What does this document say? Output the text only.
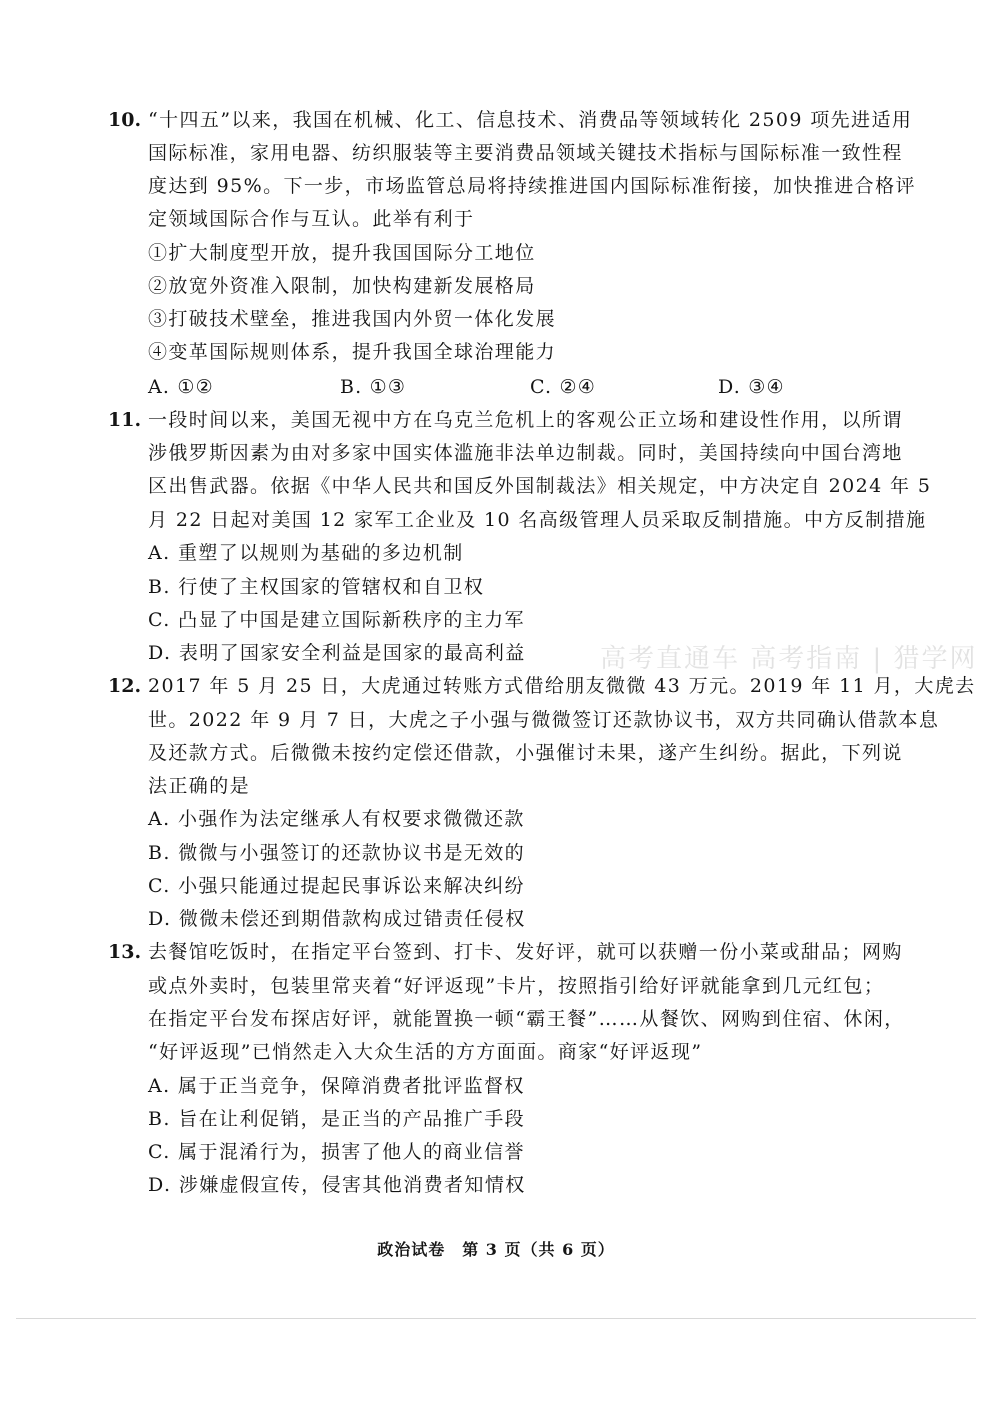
高考直通车 高考指南 | 猎学网
10. “十四五”以来，我国在机械、化工、信息技术、消费品等领域转化 2509 项先进适用
国际标准，家用电器、纺织服装等主要消费品领域关键技术指标与国际标准一致性程
度达到 95%。下一步，市场监管总局将持续推进国内国际标准衔接，加快推进合格评
定领域国际合作与互认。此举有利于
①扩大制度型开放，提升我国国际分工地位
②放宽外资准入限制，加快构建新发展格局
③打破技术壁垒，推进我国内外贸一体化发展
④变革国际规则体系，提升我国全球治理能力
A. ①②	B. ①③	C. ②④	D. ③④
11. 一段时间以来，美国无视中方在乌克兰危机上的客观公正立场和建设性作用，以所谓
涉俄罗斯因素为由对多家中国实体滥施非法单边制裁。同时，美国持续向中国台湾地
区出售武器。依据《中华人民共和国反外国制裁法》相关规定，中方决定自 2024 年 5
月 22 日起对美国 12 家军工企业及 10 名高级管理人员采取反制措施。中方反制措施
A. 重塑了以规则为基础的多边机制
B. 行使了主权国家的管辖权和自卫权
C. 凸显了中国是建立国际新秩序的主力军
D. 表明了国家安全利益是国家的最高利益
12. 2017 年 5 月 25 日，大虎通过转账方式借给朋友微微 43 万元。2019 年 11 月，大虎去
世。2022 年 9 月 7 日，大虎之子小强与微微签订还款协议书，双方共同确认借款本息
及还款方式。后微微未按约定偿还借款，小强催讨未果，遂产生纠纷。据此，下列说
法正确的是
A. 小强作为法定继承人有权要求微微还款
B. 微微与小强签订的还款协议书是无效的
C. 小强只能通过提起民事诉讼来解决纠纷
D. 微微未偿还到期借款构成过错责任侵权
13. 去餐馆吃饭时，在指定平台签到、打卡、发好评，就可以获赠一份小菜或甜品；网购
或点外卖时，包装里常夹着“好评返现”卡片，按照指引给好评就能拿到几元红包；
在指定平台发布探店好评，就能置换一顿“霸王餐”……从餐饮、网购到住宿、休闲，
“好评返现”已悄然走入大众生活的方方面面。商家“好评返现”
A. 属于正当竞争，保障消费者批评监督权
B. 旨在让利促销，是正当的产品推广手段
C. 属于混淆行为，损害了他人的商业信誉
D. 涉嫌虚假宣传，侵害其他消费者知情权
政治试卷　第 3 页（共 6 页）
